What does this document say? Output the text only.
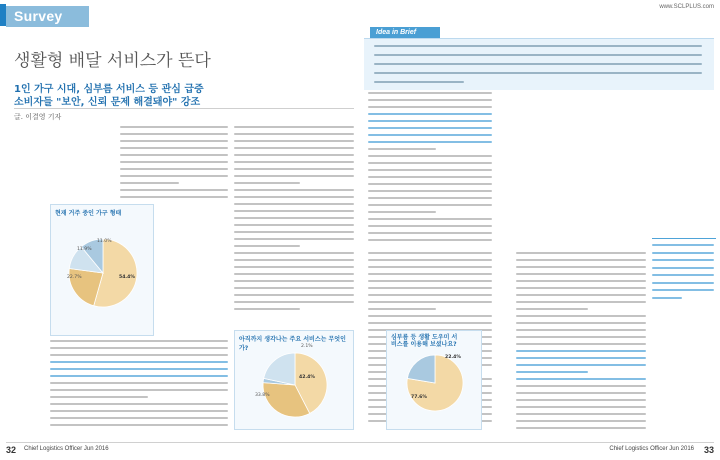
Survey
www.SCLPLUS.com
Idea in Brief
생활형 배달 서비스가 뜬다
1인 가구 시대, 심부름 서비스 등 관심 급증
소비자들 "보안, 신뢰 문제 해결돼야" 강조
글. 이결영 기자
현재 거주 중인 가구 형태
54.4%
22.7%
11.9%
11.0%
아직까지 생각나는 주요 서비스는 무엇인가?
42.4%
33.8%
2.1%
심부름 등 생활 도우미 서비스를 이용해 보셨나요?
22.4%
77.6%
32 Chief Logistics Officer Jun 2016	Chief Logistics Officer Jun 2016 33
